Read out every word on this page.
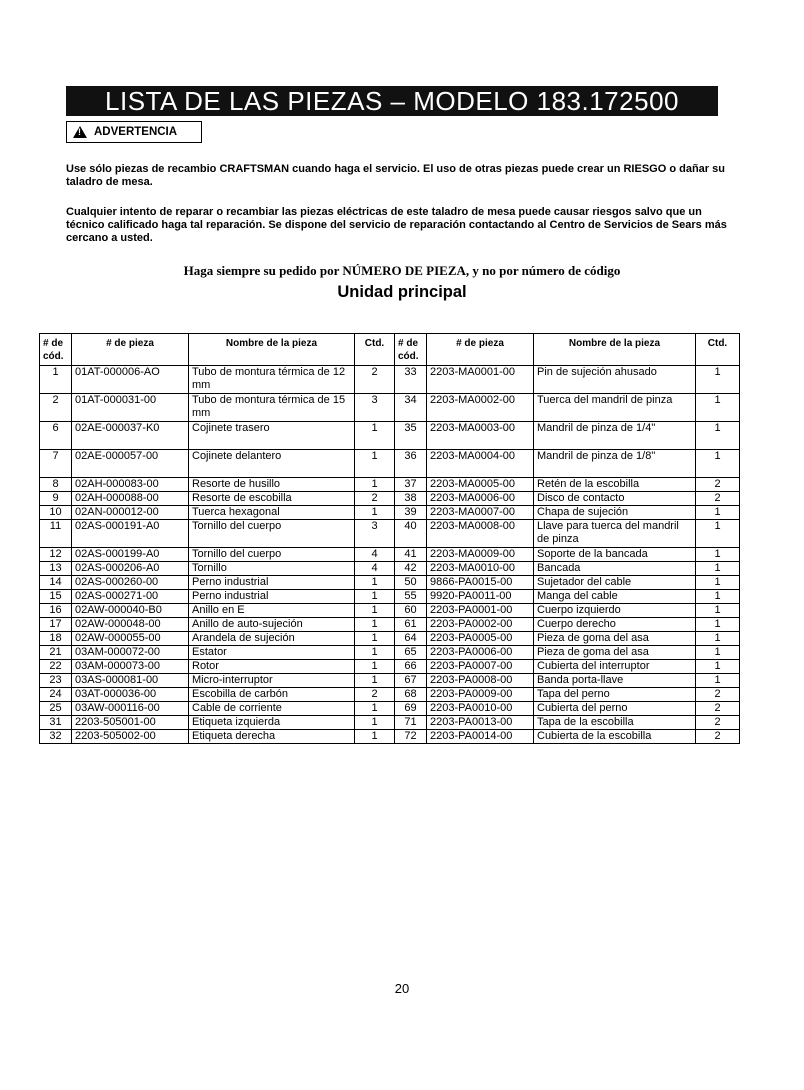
LISTA DE LAS PIEZAS – MODELO 183.172500
!
ADVERTENCIA
Use sólo piezas de recambio CRAFTSMAN cuando haga el servicio. El uso de otras piezas puede crear un RIESGO o dañar su taladro de mesa.
Cualquier intento de reparar o recambiar las piezas eléctricas de este taladro de mesa puede causar riesgos salvo que un técnico calificado haga tal reparación. Se dispone del servicio de reparación contactando al Centro de Servicios de Sears más cercano a usted.
Haga siempre su pedido por NÚMERO DE PIEZA, y no por número de código
Unidad principal
# de cód.	# de pieza	Nombre de la pieza	Ctd.	# de cód.	# de pieza	Nombre de la pieza	Ctd.
1	01AT-000006-AO	Tubo de montura térmica de 12 mm	2	33	2203-MA0001-00	Pin de sujeción ahusado	1
2	01AT-000031-00	Tubo de montura térmica de 15 mm	3	34	2203-MA0002-00	Tuerca del mandril de pinza	1
6	02AE-000037-K0	Cojinete trasero	1	35	2203-MA0003-00	Mandril de pinza de 1/4"	1
7	02AE-000057-00	Cojinete delantero	1	36	2203-MA0004-00	Mandril de pinza de 1/8"	1
8	02AH-000083-00	Resorte de husillo	1	37	2203-MA0005-00	Retén de la escobilla	2
9	02AH-000088-00	Resorte de escobilla	2	38	2203-MA0006-00	Disco de contacto	2
10	02AN-000012-00	Tuerca hexagonal	1	39	2203-MA0007-00	Chapa de sujeción	1
11	02AS-000191-A0	Tornillo del cuerpo	3	40	2203-MA0008-00	Llave para tuerca del mandril de pinza	1
12	02AS-000199-A0	Tornillo del cuerpo	4	41	2203-MA0009-00	Soporte de la bancada	1
13	02AS-000206-A0	Tornillo	4	42	2203-MA0010-00	Bancada	1
14	02AS-000260-00	Perno industrial	1	50	9866-PA0015-00	Sujetador del cable	1
15	02AS-000271-00	Perno industrial	1	55	9920-PA0011-00	Manga del cable	1
16	02AW-000040-B0	Anillo en E	1	60	2203-PA0001-00	Cuerpo izquierdo	1
17	02AW-000048-00	Anillo de auto-sujeción	1	61	2203-PA0002-00	Cuerpo derecho	1
18	02AW-000055-00	Arandela de sujeción	1	64	2203-PA0005-00	Pieza de goma del asa	1
21	03AM-000072-00	Estator	1	65	2203-PA0006-00	Pieza de goma del asa	1
22	03AM-000073-00	Rotor	1	66	2203-PA0007-00	Cubierta del interruptor	1
23	03AS-000081-00	Micro-interruptor	1	67	2203-PA0008-00	Banda porta-llave	1
24	03AT-000036-00	Escobilla de carbón	2	68	2203-PA0009-00	Tapa del perno	2
25	03AW-000116-00	Cable de corriente	1	69	2203-PA0010-00	Cubierta del perno	2
31	2203-505001-00	Etiqueta izquierda	1	71	2203-PA0013-00	Tapa de la escobilla	2
32	2203-505002-00	Etiqueta derecha	1	72	2203-PA0014-00	Cubierta de la escobilla	2
20
